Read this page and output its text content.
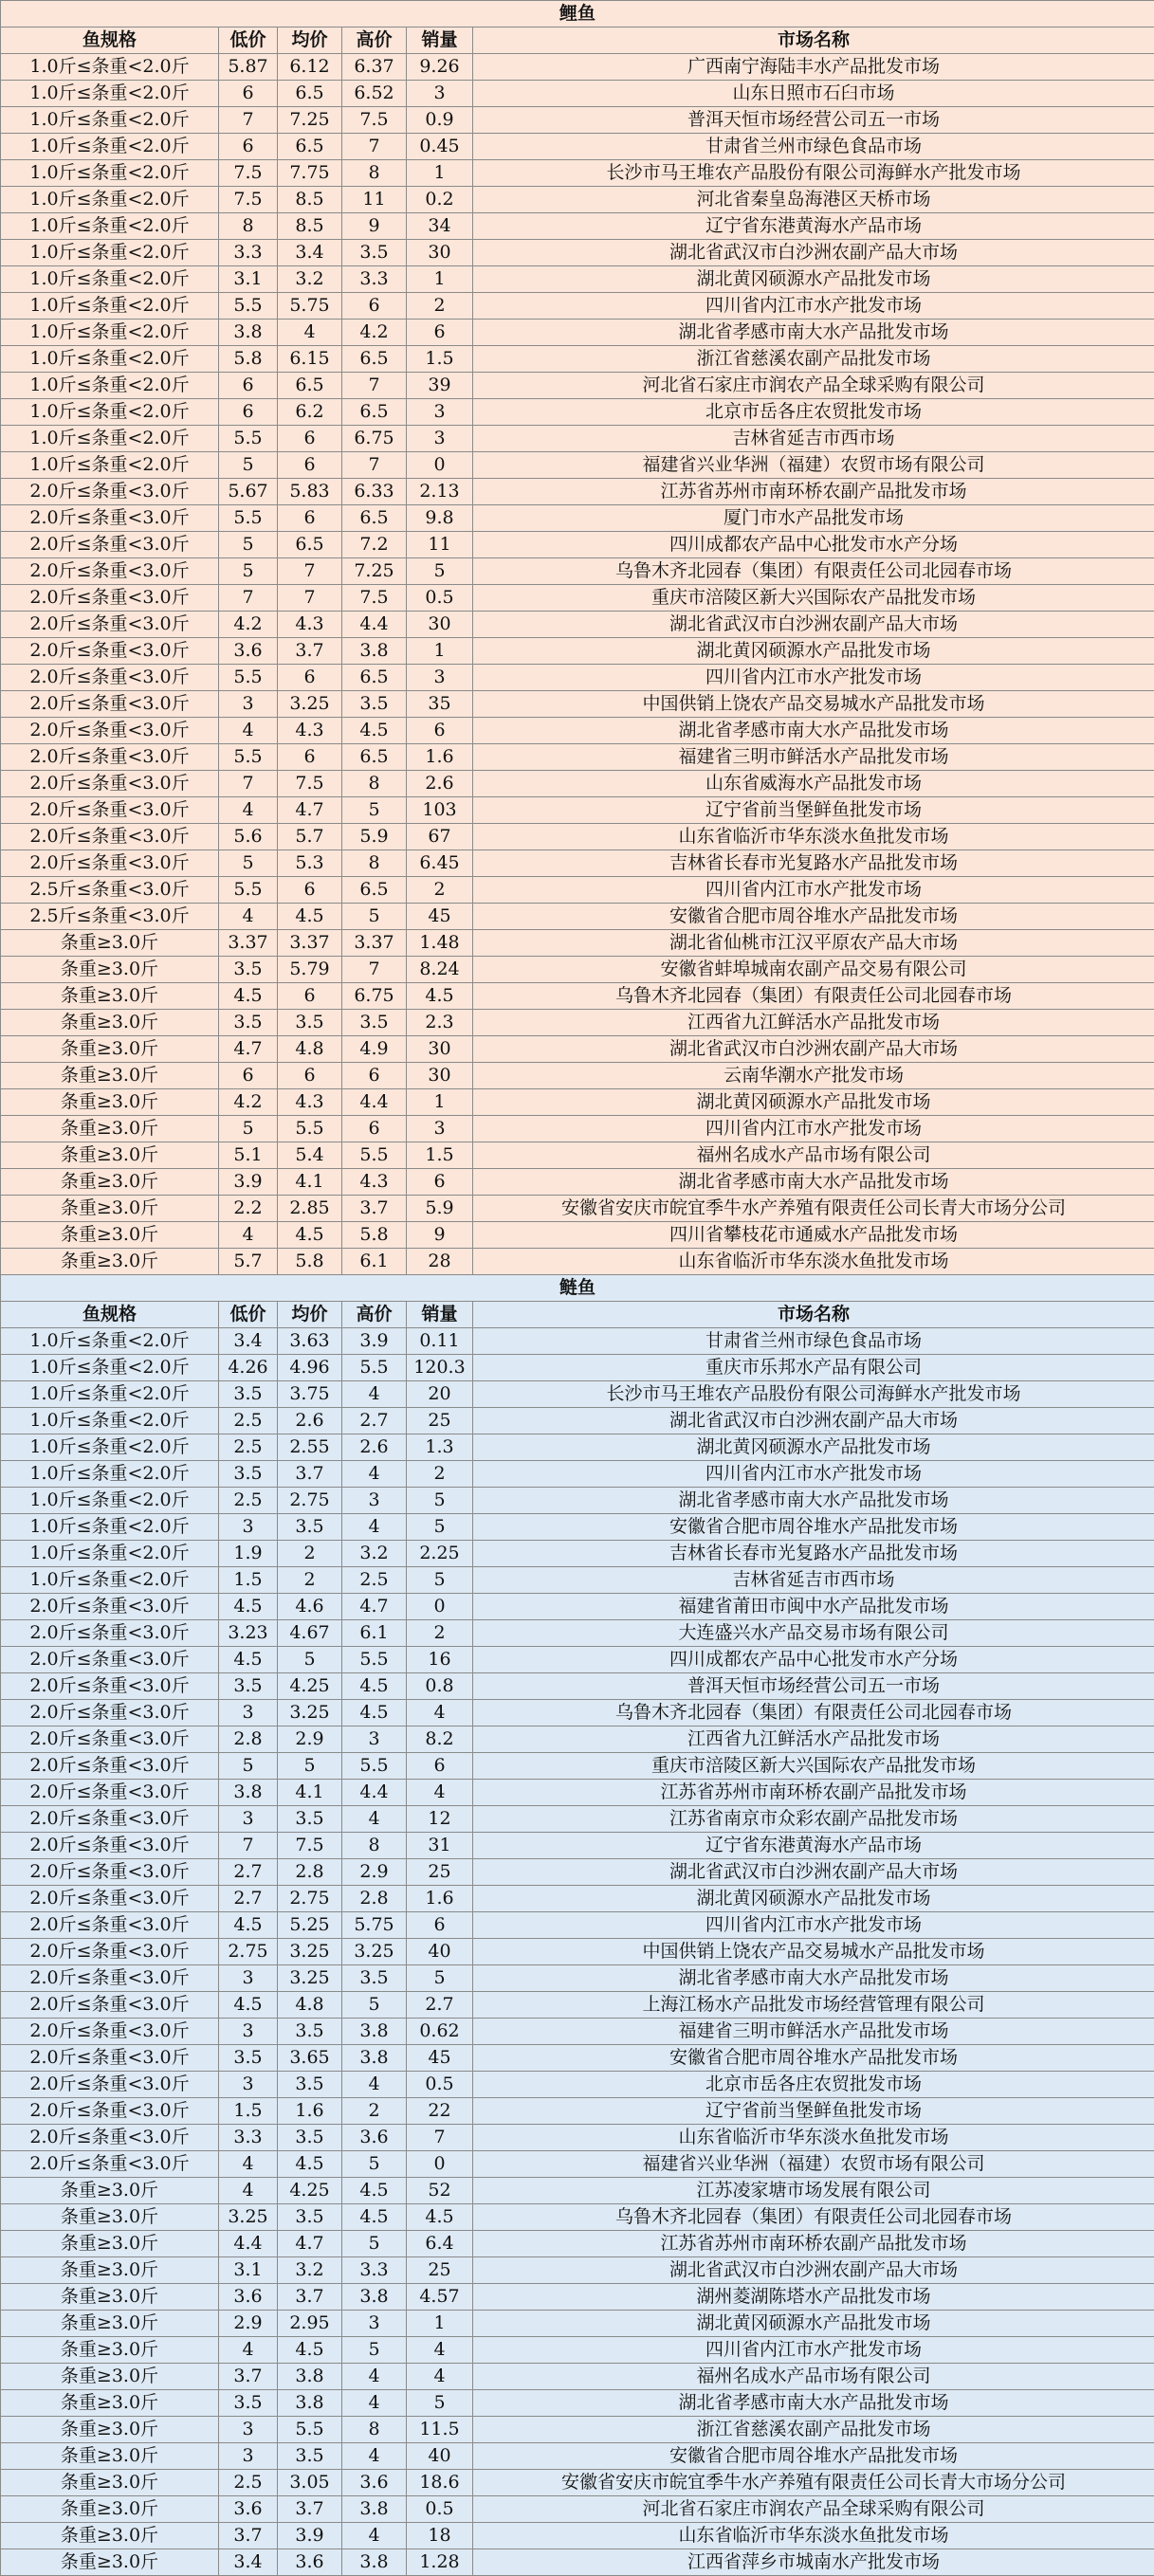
鲤鱼					
鱼规格	低价	均价	高价	销量	市场名称
1.0斤≤条重<2.0斤	5.87	6.12	6.37	9.26	广西南宁海陆丰水产品批发市场
1.0斤≤条重<2.0斤	6	6.5	6.52	3	山东日照市石臼市场
1.0斤≤条重<2.0斤	7	7.25	7.5	0.9	普洱天恒市场经营公司五一市场
1.0斤≤条重<2.0斤	6	6.5	7	0.45	甘肃省兰州市绿色食品市场
1.0斤≤条重<2.0斤	7.5	7.75	8	1	长沙市马王堆农产品股份有限公司海鲜水产批发市场
1.0斤≤条重<2.0斤	7.5	8.5	11	0.2	河北省秦皇岛海港区天桥市场
1.0斤≤条重<2.0斤	8	8.5	9	34	辽宁省东港黄海水产品市场
1.0斤≤条重<2.0斤	3.3	3.4	3.5	30	湖北省武汉市白沙洲农副产品大市场
1.0斤≤条重<2.0斤	3.1	3.2	3.3	1	湖北黄冈硕源水产品批发市场
1.0斤≤条重<2.0斤	5.5	5.75	6	2	四川省内江市水产批发市场
1.0斤≤条重<2.0斤	3.8	4	4.2	6	湖北省孝感市南大水产品批发市场
1.0斤≤条重<2.0斤	5.8	6.15	6.5	1.5	浙江省慈溪农副产品批发市场
1.0斤≤条重<2.0斤	6	6.5	7	39	河北省石家庄市润农产品全球采购有限公司
1.0斤≤条重<2.0斤	6	6.2	6.5	3	北京市岳各庄农贸批发市场
1.0斤≤条重<2.0斤	5.5	6	6.75	3	吉林省延吉市西市场
1.0斤≤条重<2.0斤	5	6	7	0	福建省兴业华洲（福建）农贸市场有限公司
2.0斤≤条重<3.0斤	5.67	5.83	6.33	2.13	江苏省苏州市南环桥农副产品批发市场
2.0斤≤条重<3.0斤	5.5	6	6.5	9.8	厦门市水产品批发市场
2.0斤≤条重<3.0斤	5	6.5	7.2	11	四川成都农产品中心批发市水产分场
2.0斤≤条重<3.0斤	5	7	7.25	5	乌鲁木齐北园春（集团）有限责任公司北园春市场
2.0斤≤条重<3.0斤	7	7	7.5	0.5	重庆市涪陵区新大兴国际农产品批发市场
2.0斤≤条重<3.0斤	4.2	4.3	4.4	30	湖北省武汉市白沙洲农副产品大市场
2.0斤≤条重<3.0斤	3.6	3.7	3.8	1	湖北黄冈硕源水产品批发市场
2.0斤≤条重<3.0斤	5.5	6	6.5	3	四川省内江市水产批发市场
2.0斤≤条重<3.0斤	3	3.25	3.5	35	中国供销上饶农产品交易城水产品批发市场
2.0斤≤条重<3.0斤	4	4.3	4.5	6	湖北省孝感市南大水产品批发市场
2.0斤≤条重<3.0斤	5.5	6	6.5	1.6	福建省三明市鲜活水产品批发市场
2.0斤≤条重<3.0斤	7	7.5	8	2.6	山东省威海水产品批发市场
2.0斤≤条重<3.0斤	4	4.7	5	103	辽宁省前当堡鲜鱼批发市场
2.0斤≤条重<3.0斤	5.6	5.7	5.9	67	山东省临沂市华东淡水鱼批发市场
2.0斤≤条重<3.0斤	5	5.3	8	6.45	吉林省长春市光复路水产品批发市场
2.5斤≤条重<3.0斤	5.5	6	6.5	2	四川省内江市水产批发市场
2.5斤≤条重<3.0斤	4	4.5	5	45	安徽省合肥市周谷堆水产品批发市场
条重≥3.0斤	3.37	3.37	3.37	1.48	湖北省仙桃市江汉平原农产品大市场
条重≥3.0斤	3.5	5.79	7	8.24	安徽省蚌埠城南农副产品交易有限公司
条重≥3.0斤	4.5	6	6.75	4.5	乌鲁木齐北园春（集团）有限责任公司北园春市场
条重≥3.0斤	3.5	3.5	3.5	2.3	江西省九江鲜活水产品批发市场
条重≥3.0斤	4.7	4.8	4.9	30	湖北省武汉市白沙洲农副产品大市场
条重≥3.0斤	6	6	6	30	云南华潮水产批发市场
条重≥3.0斤	4.2	4.3	4.4	1	湖北黄冈硕源水产品批发市场
条重≥3.0斤	5	5.5	6	3	四川省内江市水产批发市场
条重≥3.0斤	5.1	5.4	5.5	1.5	福州名成水产品市场有限公司
条重≥3.0斤	3.9	4.1	4.3	6	湖北省孝感市南大水产品批发市场
条重≥3.0斤	2.2	2.85	3.7	5.9	安徽省安庆市皖宜季牛水产养殖有限责任公司长青大市场分公司
条重≥3.0斤	4	4.5	5.8	9	四川省攀枝花市通威水产品批发市场
条重≥3.0斤	5.7	5.8	6.1	28	山东省临沂市华东淡水鱼批发市场
鲢鱼					
鱼规格	低价	均价	高价	销量	市场名称
1.0斤≤条重<2.0斤	3.4	3.63	3.9	0.11	甘肃省兰州市绿色食品市场
1.0斤≤条重<2.0斤	4.26	4.96	5.5	120.3	重庆市乐邦水产品有限公司
1.0斤≤条重<2.0斤	3.5	3.75	4	20	长沙市马王堆农产品股份有限公司海鲜水产批发市场
1.0斤≤条重<2.0斤	2.5	2.6	2.7	25	湖北省武汉市白沙洲农副产品大市场
1.0斤≤条重<2.0斤	2.5	2.55	2.6	1.3	湖北黄冈硕源水产品批发市场
1.0斤≤条重<2.0斤	3.5	3.7	4	2	四川省内江市水产批发市场
1.0斤≤条重<2.0斤	2.5	2.75	3	5	湖北省孝感市南大水产品批发市场
1.0斤≤条重<2.0斤	3	3.5	4	5	安徽省合肥市周谷堆水产品批发市场
1.0斤≤条重<2.0斤	1.9	2	3.2	2.25	吉林省长春市光复路水产品批发市场
1.0斤≤条重<2.0斤	1.5	2	2.5	5	吉林省延吉市西市场
2.0斤≤条重<3.0斤	4.5	4.6	4.7	0	福建省莆田市闽中水产品批发市场
2.0斤≤条重<3.0斤	3.23	4.67	6.1	2	大连盛兴水产品交易市场有限公司
2.0斤≤条重<3.0斤	4.5	5	5.5	16	四川成都农产品中心批发市水产分场
2.0斤≤条重<3.0斤	3.5	4.25	4.5	0.8	普洱天恒市场经营公司五一市场
2.0斤≤条重<3.0斤	3	3.25	4.5	4	乌鲁木齐北园春（集团）有限责任公司北园春市场
2.0斤≤条重<3.0斤	2.8	2.9	3	8.2	江西省九江鲜活水产品批发市场
2.0斤≤条重<3.0斤	5	5	5.5	6	重庆市涪陵区新大兴国际农产品批发市场
2.0斤≤条重<3.0斤	3.8	4.1	4.4	4	江苏省苏州市南环桥农副产品批发市场
2.0斤≤条重<3.0斤	3	3.5	4	12	江苏省南京市众彩农副产品批发市场
2.0斤≤条重<3.0斤	7	7.5	8	31	辽宁省东港黄海水产品市场
2.0斤≤条重<3.0斤	2.7	2.8	2.9	25	湖北省武汉市白沙洲农副产品大市场
2.0斤≤条重<3.0斤	2.7	2.75	2.8	1.6	湖北黄冈硕源水产品批发市场
2.0斤≤条重<3.0斤	4.5	5.25	5.75	6	四川省内江市水产批发市场
2.0斤≤条重<3.0斤	2.75	3.25	3.25	40	中国供销上饶农产品交易城水产品批发市场
2.0斤≤条重<3.0斤	3	3.25	3.5	5	湖北省孝感市南大水产品批发市场
2.0斤≤条重<3.0斤	4.5	4.8	5	2.7	上海江杨水产品批发市场经营管理有限公司
2.0斤≤条重<3.0斤	3	3.5	3.8	0.62	福建省三明市鲜活水产品批发市场
2.0斤≤条重<3.0斤	3.5	3.65	3.8	45	安徽省合肥市周谷堆水产品批发市场
2.0斤≤条重<3.0斤	3	3.5	4	0.5	北京市岳各庄农贸批发市场
2.0斤≤条重<3.0斤	1.5	1.6	2	22	辽宁省前当堡鲜鱼批发市场
2.0斤≤条重<3.0斤	3.3	3.5	3.6	7	山东省临沂市华东淡水鱼批发市场
2.0斤≤条重<3.0斤	4	4.5	5	0	福建省兴业华洲（福建）农贸市场有限公司
条重≥3.0斤	4	4.25	4.5	52	江苏凌家塘市场发展有限公司
条重≥3.0斤	3.25	3.5	4.5	4.5	乌鲁木齐北园春（集团）有限责任公司北园春市场
条重≥3.0斤	4.4	4.7	5	6.4	江苏省苏州市南环桥农副产品批发市场
条重≥3.0斤	3.1	3.2	3.3	25	湖北省武汉市白沙洲农副产品大市场
条重≥3.0斤	3.6	3.7	3.8	4.57	湖州菱湖陈塔水产品批发市场
条重≥3.0斤	2.9	2.95	3	1	湖北黄冈硕源水产品批发市场
条重≥3.0斤	4	4.5	5	4	四川省内江市水产批发市场
条重≥3.0斤	3.7	3.8	4	4	福州名成水产品市场有限公司
条重≥3.0斤	3.5	3.8	4	5	湖北省孝感市南大水产品批发市场
条重≥3.0斤	3	5.5	8	11.5	浙江省慈溪农副产品批发市场
条重≥3.0斤	3	3.5	4	40	安徽省合肥市周谷堆水产品批发市场
条重≥3.0斤	2.5	3.05	3.6	18.6	安徽省安庆市皖宜季牛水产养殖有限责任公司长青大市场分公司
条重≥3.0斤	3.6	3.7	3.8	0.5	河北省石家庄市润农产品全球采购有限公司
条重≥3.0斤	3.7	3.9	4	18	山东省临沂市华东淡水鱼批发市场
条重≥3.0斤	3.4	3.6	3.8	1.28	江西省萍乡市城南水产批发市场
